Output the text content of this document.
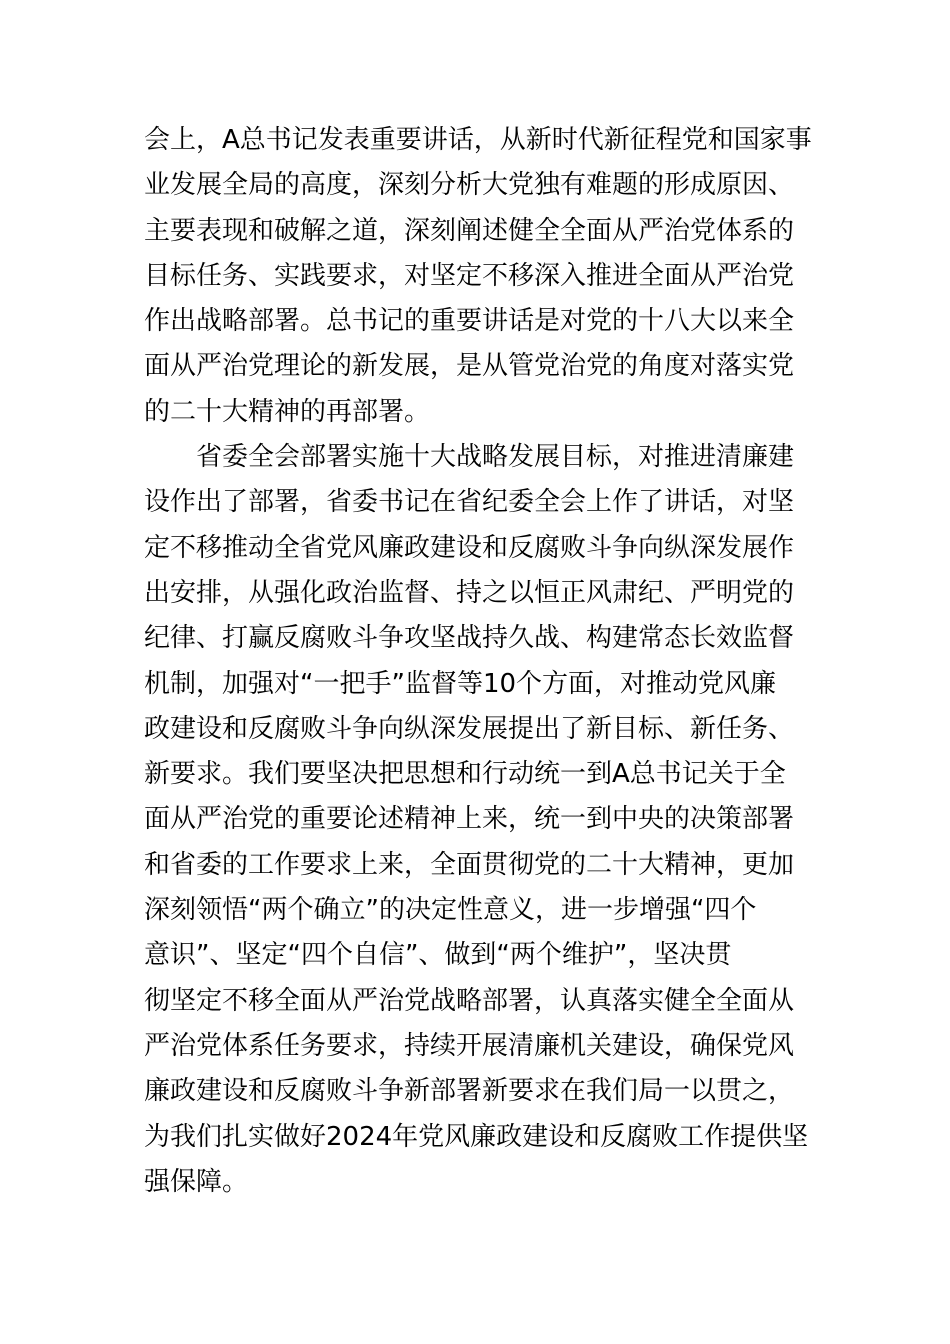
会上，A总书记发表重要讲话，从新时代新征程党和国家事
业发展全局的高度，深刻分析大党独有难题的形成原因、
主要表现和破解之道，深刻阐述健全全面从严治党体系的
目标任务、实践要求，对坚定不移深入推进全面从严治党
作出战略部署。总书记的重要讲话是对党的十八大以来全
面从严治党理论的新发展，是从管党治党的角度对落实党
的二十大精神的再部署。
省委全会部署实施十大战略发展目标，对推进清廉建
设作出了部署，省委书记在省纪委全会上作了讲话，对坚
定不移推动全省党风廉政建设和反腐败斗争向纵深发展作
出安排，从强化政治监督、持之以恒正风肃纪、严明党的
纪律、打赢反腐败斗争攻坚战持久战、构建常态长效监督
机制，加强对“一把手”监督等10个方面，对推动党风廉
政建设和反腐败斗争向纵深发展提出了新目标、新任务、
新要求。我们要坚决把思想和行动统一到A总书记关于全
面从严治党的重要论述精神上来，统一到中央的决策部署
和省委的工作要求上来，全面贯彻党的二十大精神，更加
深刻领悟“两个确立”的决定性意义，进一步增强“四个
意识”、坚定“四个自信”、做到“两个维护”，坚决贯
彻坚定不移全面从严治党战略部署，认真落实健全全面从
严治党体系任务要求，持续开展清廉机关建设，确保党风
廉政建设和反腐败斗争新部署新要求在我们局一以贯之，
为我们扎实做好2024年党风廉政建设和反腐败工作提供坚
强保障。
